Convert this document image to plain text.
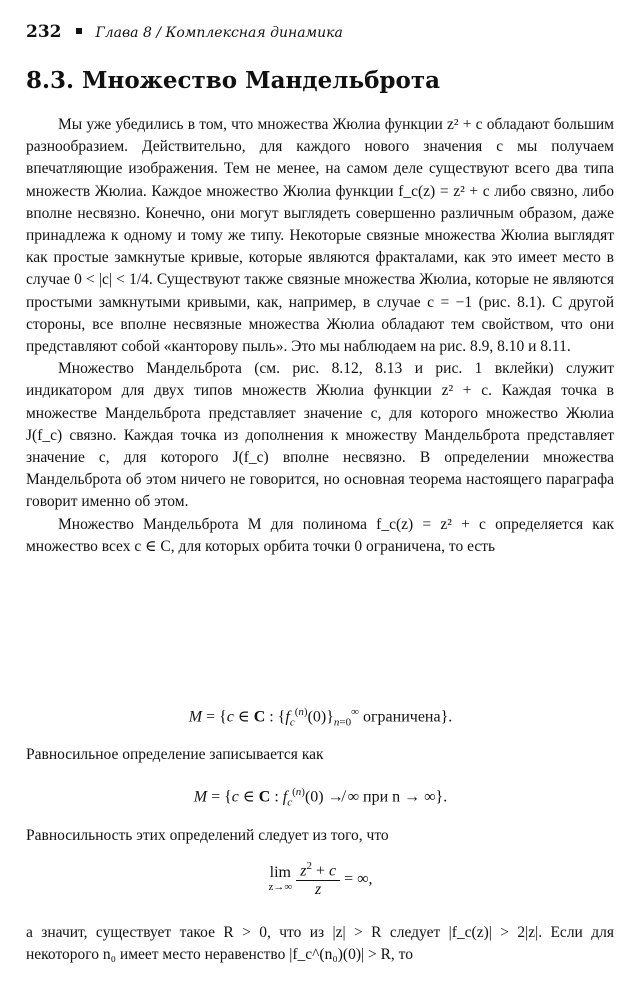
232 Глава 8 / Комплексная динамика
8.3. Множество Мандельброта

Мы уже убедились в том, что множества Жюлиа функции z² + c обладают большим разнообразием. Действительно, для каждого нового значения c мы получаем впечатляющие изображения. Тем не менее, на самом деле существуют всего два типа множеств Жюлиа. Каждое множество Жюлиа функции f_c(z) = z² + c либо связно, либо вполне несвязно. Конечно, они могут выглядеть совершенно различным образом, даже принадлежа к одному и тому же типу. Некоторые связные множества Жюлиа выглядят как простые замкнутые кривые, которые являются фракталами, как это имеет место в случае 0 < |c| < 1/4. Существуют также связные множества Жюлиа, которые не являются простыми замкнутыми кривыми, как, например, в случае c = −1 (рис. 8.1). С другой стороны, все вполне несвязные множества Жюлиа обладают тем свойством, что они представляют собой «канторову пыль». Это мы наблюдаем на рис. 8.9, 8.10 и 8.11.

Множество Мандельброта (см. рис. 8.12, 8.13 и рис. 1 вклейки) служит индикатором для двух типов множеств Жюлиа функции z² + c. Каждая точка в множестве Мандельброта представляет значение c, для которого множество Жюлиа J(f_c) связно. Каждая точка из дополнения к множеству Мандельброта представляет значение c, для которого J(f_c) вполне несвязно. В определении множества Мандельброта об этом ничего не говорится, но основная теорема настоящего параграфа говорит именно об этом.

Множество Мандельброта M для полинома f_c(z) = z² + c определяется как множество всех c ∈ C, для которых орбита точки 0 ограничена, то есть

M = {c ∈ C : $\{f_c^{(n)}(0)\}_{n=0}^\infty$ ограничена}.

Равносильное определение записывается как

M = {c ∈ C : $f_c^{(n)}(0)$ ↛ ∞ при n → ∞}.

Равносильность этих определений следует из того, что

lim
z→∞
$\frac{z^2 + c}{z}$ = ∞,

а значит, существует такое R > 0, что из |z| > R следует |f_c(z)| > 2|z|. Если для некоторого n₀ имеет место неравенство |f_c^(n₀)(0)| > R, то
